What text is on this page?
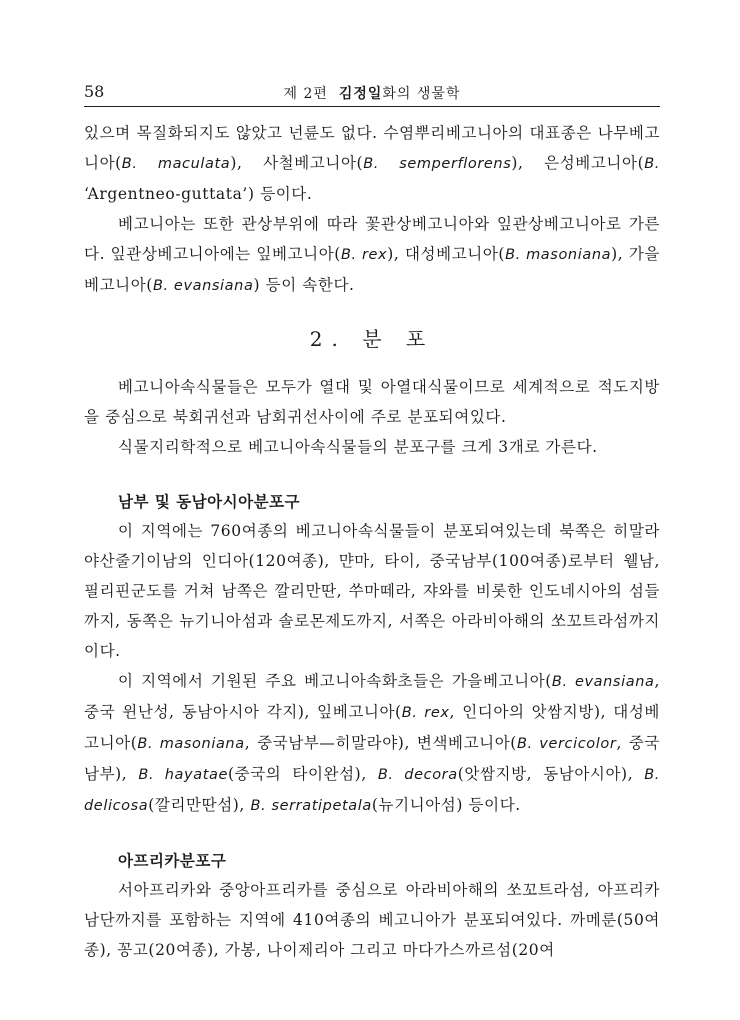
58	제 2편 김정일화의 생물학

있으며 목질화되지도 않았고 넌륜도 없다. 수염뿌리베고니아의 대표종은 나무베고니아(B. maculata), 사철베고니아(B. semperflorens), 은성베고니아(B. ‘Argentneo-guttata’) 등이다.

베고니아는 또한 관상부위에 따라 꽃관상베고니아와 잎관상베고니아로 가른다. 잎관상베고니아에는 잎베고니아(B. rex), 대성베고니아(B. masoniana), 가을베고니아(B. evansiana) 등이 속한다.

2. 분 포

베고니아속식물들은 모두가 열대 및 아열대식물이므로 세계적으로 적도지방을 중심으로 북회귀선과 남회귀선사이에 주로 분포되여있다.

식물지리학적으로 베고니아속식물들의 분포구를 크게 3개로 가른다.

남부 및 동남아시아분포구

이 지역에는 760여종의 베고니아속식물들이 분포되여있는데 북쪽은 히말라야산줄기이남의 인디아(120여종), 먄마, 타이, 중국남부(100여종)로부터 웰남, 필리핀군도를 거쳐 남쪽은 깔리만딴, 쑤마떼라, 쟈와를 비롯한 인도네시아의 섬들까지, 동쪽은 뉴기니아섬과 솔로몬제도까지, 서쪽은 아라비아해의 쏘꼬트라섬까지이다.

이 지역에서 기원된 주요 베고니아속화초들은 가을베고니아(B. evansiana, 중국 윈난성, 동남아시아 각지), 잎베고니아(B. rex, 인디아의 앗쌈지방), 대성베고니아(B. masoniana, 중국남부—히말라야), 변색베고니아(B. vercicolor, 중국남부), B. hayatae(중국의 타이완섬), B. decora(앗쌈지방, 동남아시아), B. delicosa(깔리만딴섬), B. serratipetala(뉴기니아섬) 등이다.

아프리카분포구

서아프리카와 중앙아프리카를 중심으로 아라비아해의 쏘꼬트라섬, 아프리카남단까지를 포함하는 지역에 410여종의 베고니아가 분포되여있다. 까메룬(50여종), 꽁고(20여종), 가봉, 나이제리아 그리고 마다가스까르섬(20여
